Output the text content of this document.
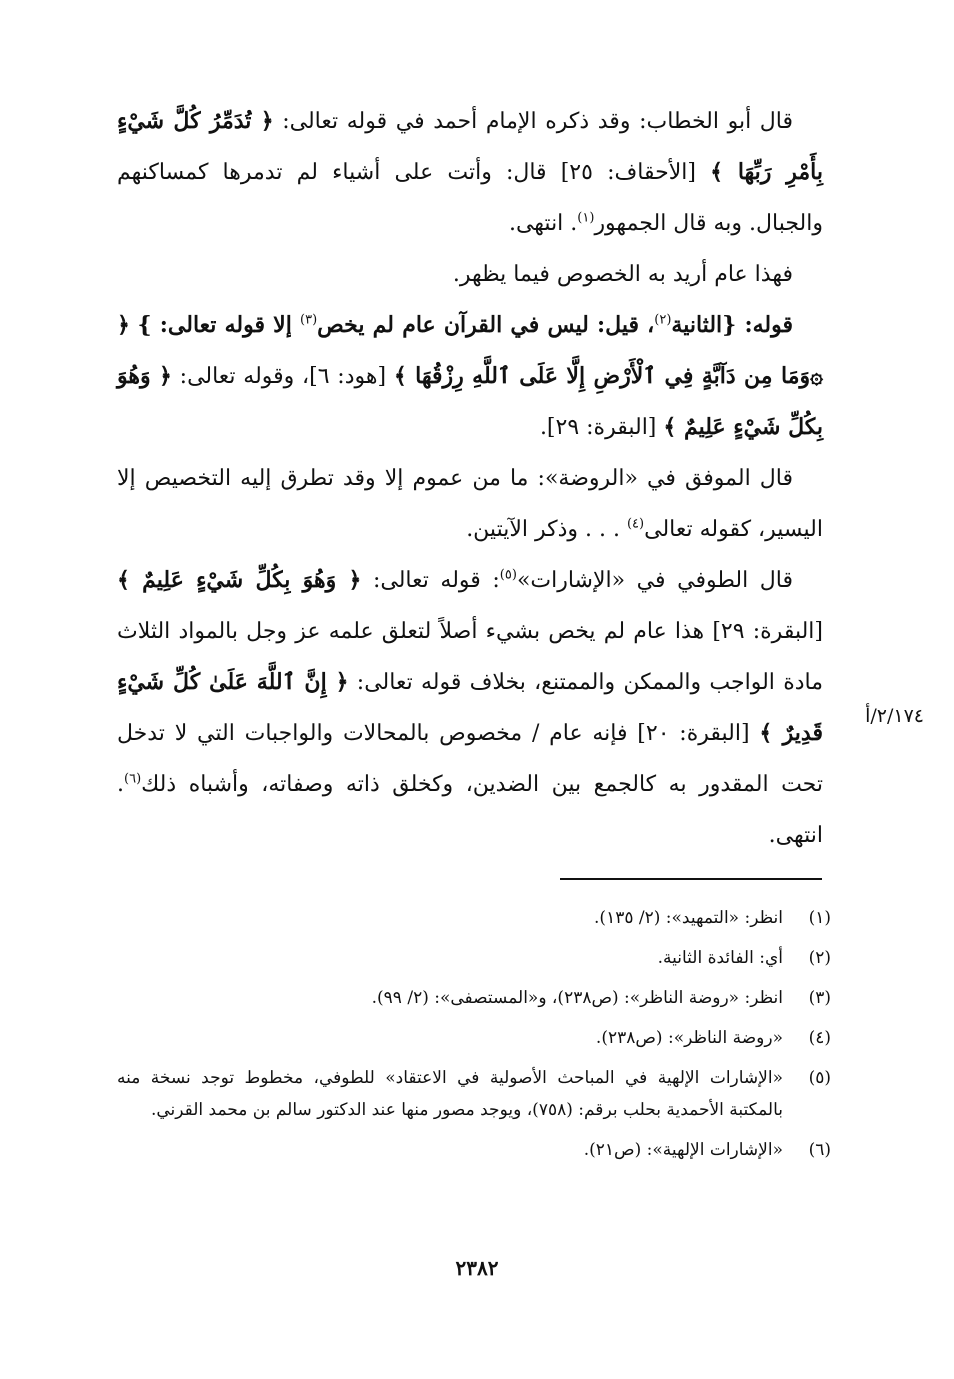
قال أبو الخطاب: وقد ذكره الإمام أحمد في قوله تعالى: ﴿ تُدَمِّرُ كُلَّ شَيْءٍ بِأَمْرِ رَبِّهَا ﴾ [الأحقاف: ٢٥] قال: وأتت على أشياء لم تدمرها كمساكنهم والجبال. وبه قال الجمهور$^{(١)}$. انتهى.

فهذا عام أريد به الخصوص فيما يظهر.

قوله: {الثانية$^{(٢)}$، قيل: ليس في القرآن عام لم يخص$^{(٣)}$ إلا قوله تعالى: } ﴿ ۞وَمَا مِن دَآبَّةٍ فِي ٱلْأَرْضِ إِلَّا عَلَى ٱللَّهِ رِزْقُهَا ﴾ [هود: ٦]، وقوله تعالى: ﴿ وَهُوَ بِكُلِّ شَيْءٍ عَلِيمٌ ﴾ [البقرة: ٢٩].

قال الموفق في «الروضة»: ما من عموم إلا وقد تطرق إليه التخصيص إلا اليسير، كقوله تعالى$^{(٤)}$ . . . وذكر الآيتين.

قال الطوفي في «الإشارات»$^{(٥)}$: قوله تعالى: ﴿ وَهُوَ بِكُلِّ شَيْءٍ عَلِيمٌ ﴾ [البقرة: ٢٩] هذا عام لم يخص بشيء أصلاً لتعلق علمه عز وجل بالمواد الثلاث مادة الواجب والممكن والممتنع، بخلاف قوله تعالى: ﴿ إِنَّ ٱللَّهَ عَلَىٰ كُلِّ شَيْءٍ قَدِيرٌ ﴾ [البقرة: ٢٠] فإنه عام / مخصوص بالمحالات والواجبات التي لا تدخل تحت المقدور به كالجمع بين الضدين، وكخلق ذاته وصفاته، وأشباه ذلك$^{(٦)}$. انتهى.

٢/١٧٤/أ
(١)
انظر: «التمهيد»: (٢/ ١٣٥).
(٢)
أي: الفائدة الثانية.
(٣)
انظر: «روضة الناظر»: (ص٢٣٨)، و«المستصفى»: (٢/ ٩٩).
(٤)
«روضة الناظر»: (ص٢٣٨).
(٥)
«الإشارات الإلهية في المباحث الأصولية في الاعتقاد» للطوفي، مخطوط توجد نسخة منه بالمكتبة الأحمدية بحلب برقم: (٧٥٨)، ويوجد مصور منها عند الدكتور سالم بن محمد القرني.
(٦)
«الإشارات الإلهية»: (ص٢١).
٢٣٨٢
